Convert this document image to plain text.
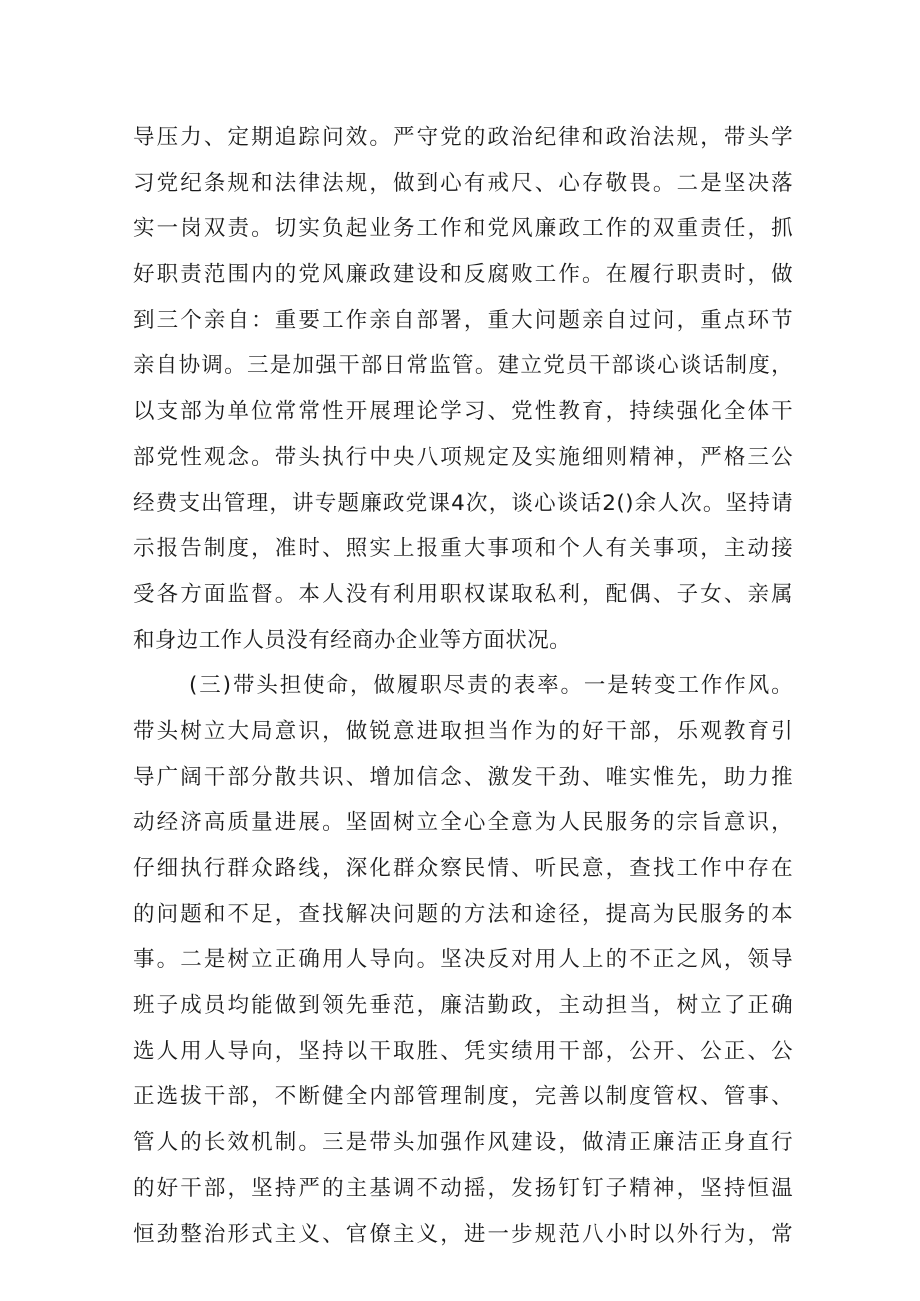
导压力、定期追踪问效。严守党的政治纪律和政治法规，带头学
习党纪条规和法律法规，做到心有戒尺、心存敬畏。二是坚决落
实一岗双责。切实负起业务工作和党风廉政工作的双重责任，抓
好职责范围内的党风廉政建设和反腐败工作。在履行职责时，做
到三个亲自：重要工作亲自部署，重大问题亲自过问，重点环节
亲自协调。三是加强干部日常监管。建立党员干部谈心谈话制度，
以支部为单位常常性开展理论学习、党性教育，持续强化全体干
部党性观念。带头执行中央八项规定及实施细则精神，严格三公
经费支出管理，讲专题廉政党课4次，谈心谈话2()余人次。坚持请
示报告制度，准时、照实上报重大事项和个人有关事项，主动接
受各方面监督。本人没有利用职权谋取私利，配偶、子女、亲属
和身边工作人员没有经商办企业等方面状况。
(三)带头担使命，做履职尽责的表率。一是转变工作作风。
带头树立大局意识，做锐意进取担当作为的好干部，乐观教育引
导广阔干部分散共识、增加信念、激发干劲、唯实惟先，助力推
动经济高质量进展。坚固树立全心全意为人民服务的宗旨意识，
仔细执行群众路线，深化群众察民情、听民意，查找工作中存在
的问题和不足，查找解决问题的方法和途径，提高为民服务的本
事。二是树立正确用人导向。坚决反对用人上的不正之风，领导
班子成员均能做到领先垂范，廉洁勤政，主动担当，树立了正确
选人用人导向，坚持以干取胜、凭实绩用干部，公开、公正、公
正选拔干部，不断健全内部管理制度，完善以制度管权、管事、
管人的长效机制。三是带头加强作风建设，做清正廉洁正身直行
的好干部，坚持严的主基调不动摇，发扬钉钉子精神，坚持恒温
恒劲整治形式主义、官僚主义，进一步规范八小时以外行为，常
